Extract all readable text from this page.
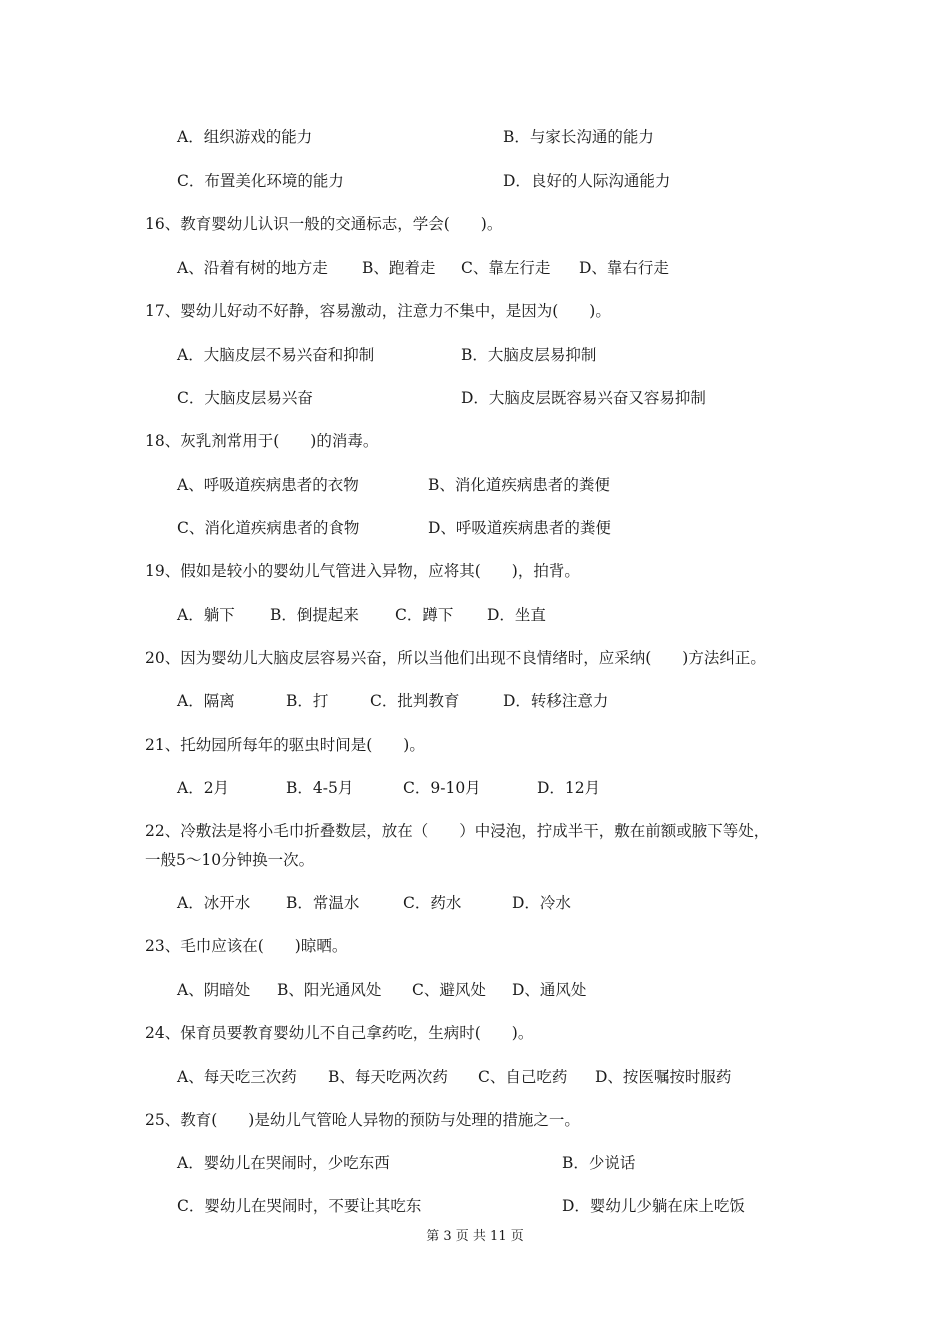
A．组织游戏的能力	B．与家长沟通的能力
C．布置美化环境的能力	D．良好的人际沟通能力
16、教育婴幼儿认识一般的交通标志，学会(　　)。
A、沿着有树的地方走 B、跑着走 C、靠左行走 D、靠右行走
17、婴幼儿好动不好静，容易激动，注意力不集中，是因为(　　)。
A．大脑皮层不易兴奋和抑制	B．大脑皮层易抑制
C．大脑皮层易兴奋	D．大脑皮层既容易兴奋又容易抑制
18、灰乳剂常用于(　　)的消毒。
A、呼吸道疾病患者的衣物	B、消化道疾病患者的粪便
C、消化道疾病患者的食物	D、呼吸道疾病患者的粪便
19、假如是较小的婴幼儿气管进入异物，应将其(　　)，拍背。
A．躺下 B．倒提起来 C．蹲下 D．坐直
20、因为婴幼儿大脑皮层容易兴奋，所以当他们出现不良情绪时，应采纳(　　)方法纠正。
A．隔离	B．打	C．批判教育	D．转移注意力
21、托幼园所每年的驱虫时间是(　　)。
A．2月	B．4-5月	C．9-10月	D．12月
22、冷敷法是将小毛巾折叠数层，放在（　　）中浸泡，拧成半干，敷在前额或腋下等处，
一般5～10分钟换一次。
A．冰开水 B．常温水	C．药水	D．冷水
23、毛巾应该在(　　)晾晒。
A、阴暗处 B、阳光通风处 C、避风处 D、通风处
24、保育员要教育婴幼儿不自己拿药吃，生病时(　　)。
A、每天吃三次药 B、每天吃两次药 C、自己吃药 D、按医嘱按时服药
25、教育(　　)是幼儿气管呛人异物的预防与处理的措施之一。
A．婴幼儿在哭闹时，少吃东西	B．少说话
C．婴幼儿在哭闹时，不要让其吃东	D．婴幼儿少躺在床上吃饭
第 3 页 共 11 页
